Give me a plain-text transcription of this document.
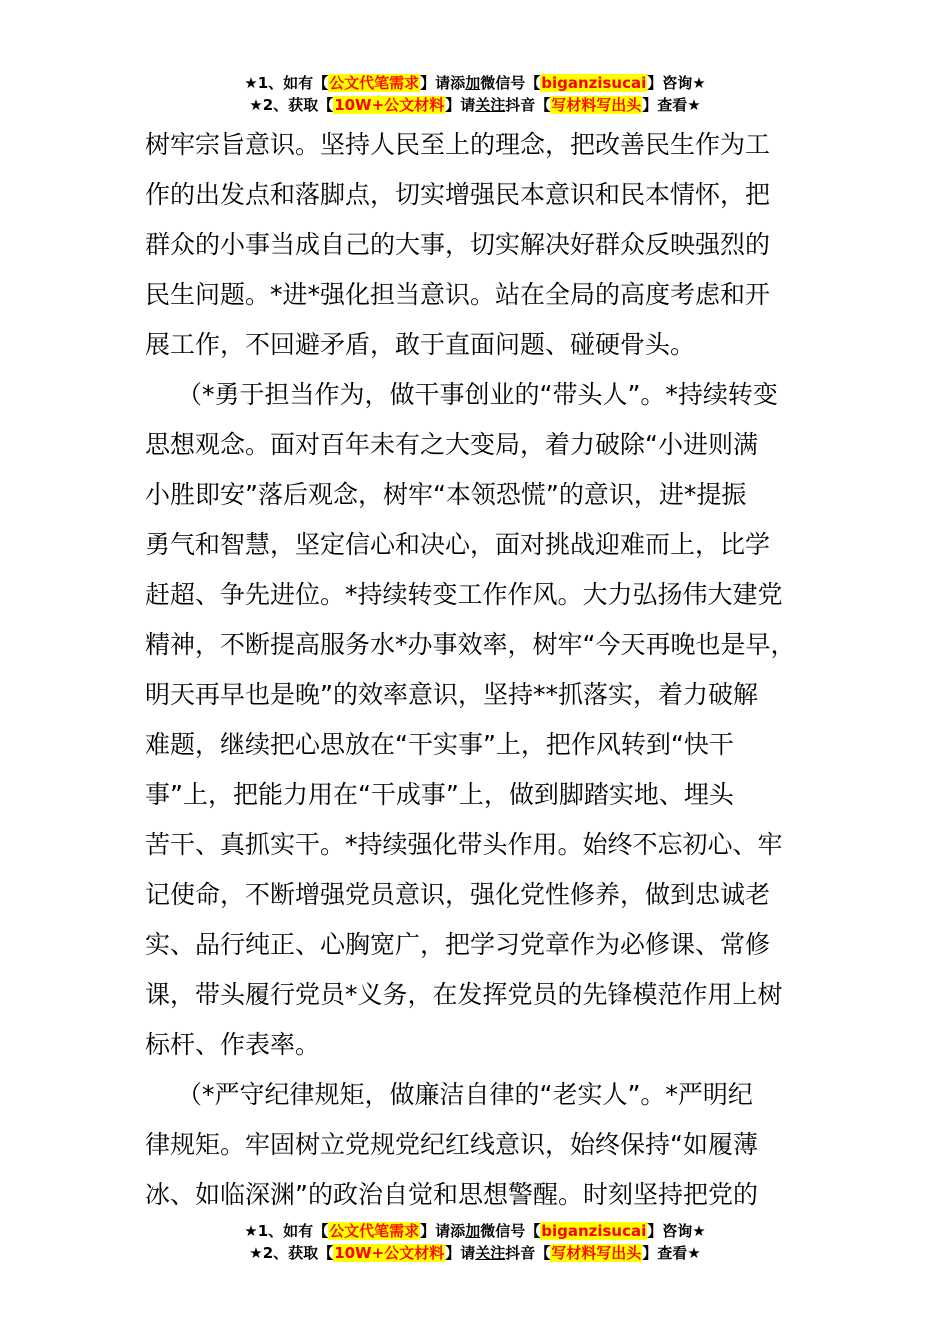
★1、如有【公文代笔需求】请添加微信号【biganzisucai】咨询★
★2、获取【10W+公文材料】请关注抖音【写材料写出头】查看★
树牢宗旨意识。坚持人民至上的理念，把改善民生作为工
作的出发点和落脚点，切实增强民本意识和民本情怀，把
群众的小事当成自己的大事，切实解决好群众反映强烈的
民生问题。*进*强化担当意识。站在全局的高度考虑和开
展工作，不回避矛盾，敢于直面问题、碰硬骨头。
（*勇于担当作为，做干事创业的“带头人”。*持续转变
思想观念。面对百年未有之大变局，着力破除“小进则满
小胜即安”落后观念，树牢“本领恐慌”的意识，进*提振
勇气和智慧，坚定信心和决心，面对挑战迎难而上，比学
赶超、争先进位。*持续转变工作作风。大力弘扬伟大建党
精神，不断提高服务水*办事效率，树牢“今天再晚也是早，
明天再早也是晚”的效率意识，坚持**抓落实，着力破解
难题，继续把心思放在“干实事”上，把作风转到“快干
事”上，把能力用在“干成事”上，做到脚踏实地、埋头
苦干、真抓实干。*持续强化带头作用。始终不忘初心、牢
记使命，不断增强党员意识，强化党性修养，做到忠诚老
实、品行纯正、心胸宽广，把学习党章作为必修课、常修
课，带头履行党员*义务，在发挥党员的先锋模范作用上树
标杆、作表率。
（*严守纪律规矩，做廉洁自律的“老实人”。*严明纪
律规矩。牢固树立党规党纪红线意识，始终保持“如履薄
冰、如临深渊”的政治自觉和思想警醒。时刻坚持把党的
★1、如有【公文代笔需求】请添加微信号【biganzisucai】咨询★
★2、获取【10W+公文材料】请关注抖音【写材料写出头】查看★
